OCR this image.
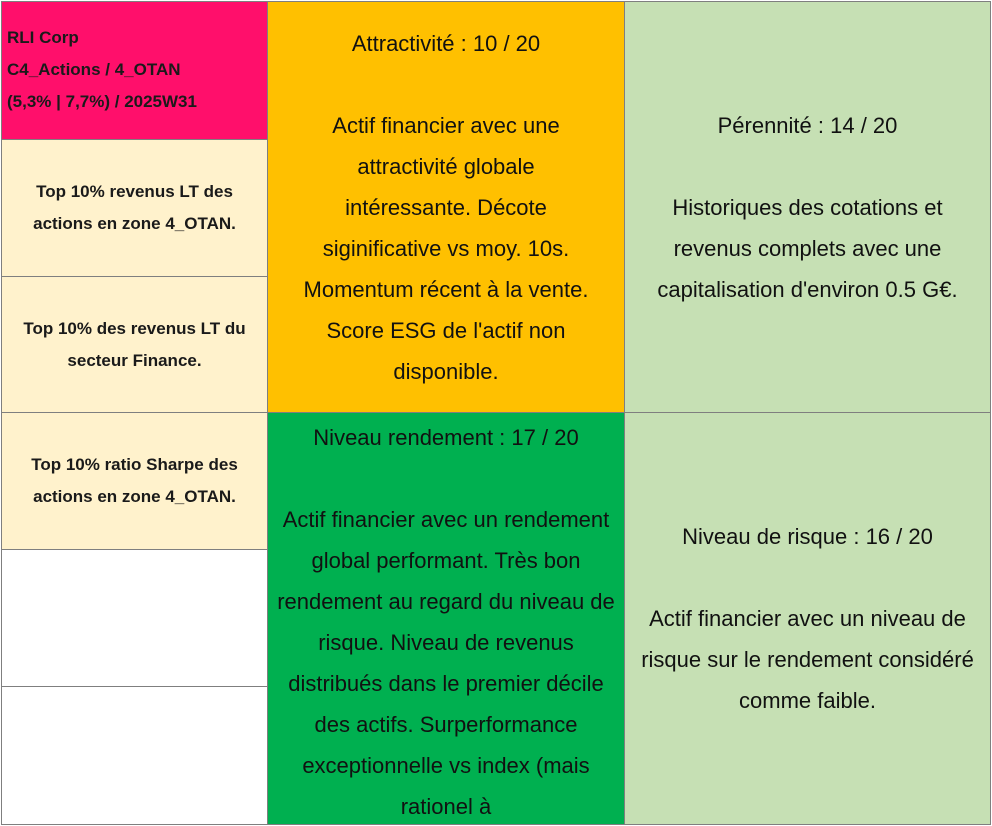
RLI Corp
C4_Actions / 4_OTAN
(5,3% | 7,7%) / 2025W31
Top 10% revenus LT des actions en zone 4_OTAN.
Top 10% des revenus LT du secteur Finance.
Top 10% ratio Sharpe des actions en zone 4_OTAN.
Attractivité : 10 / 20
Actif financier avec une attractivité globale intéressante. Décote siginificative vs moy. 10s. Momentum récent à la vente. Score ESG de l'actif non disponible.
Pérennité : 14 / 20
Historiques des cotations et revenus complets avec une capitalisation d'environ 0.5 G€.
Niveau rendement : 17 / 20
Actif financier avec un rendement global performant. Très bon rendement au regard du niveau de risque. Niveau de revenus distribués dans le premier décile des actifs. Surperformance exceptionnelle vs index (mais rationel à
Niveau de risque : 16 / 20
Actif financier avec un niveau de risque sur le rendement considéré comme faible.
